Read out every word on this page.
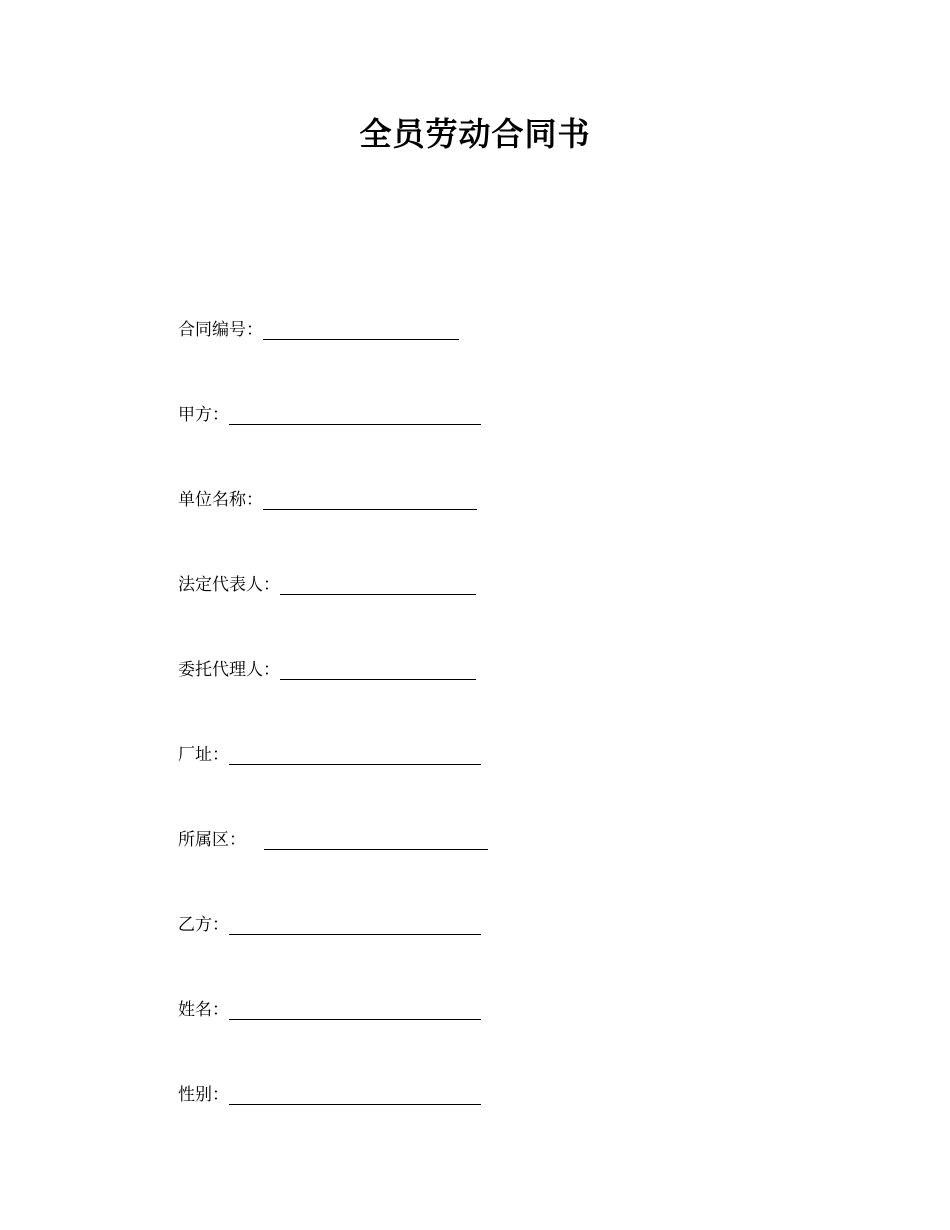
全员劳动合同书
合同编号：
甲方：
单位名称：
法定代表人：
委托代理人：
厂址：
所属区：
乙方：
姓名：
性别：
